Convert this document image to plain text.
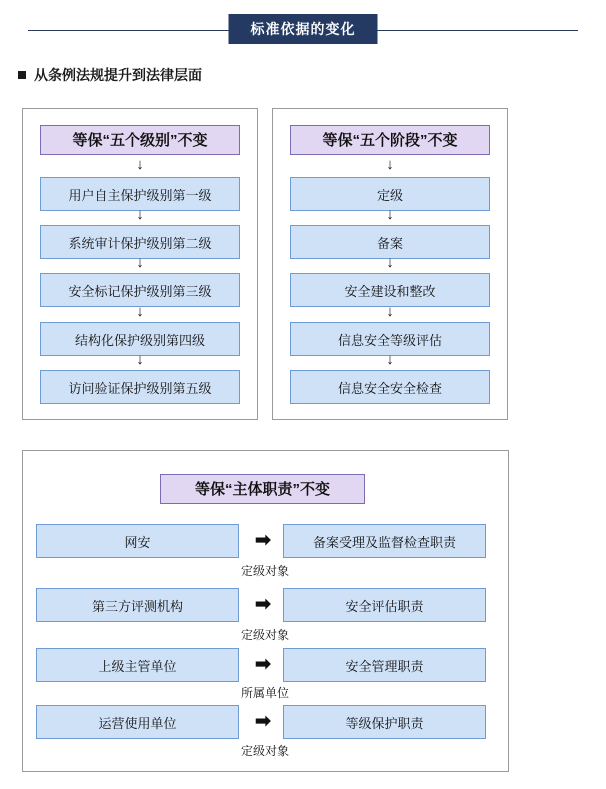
标准依据的变化
从条例法规提升到法律层面
等保“五个级别”不变
用户自主保护级别第一级
系统审计保护级别第二级
安全标记保护级别第三级
结构化保护级别第四级
访问验证保护级别第五级
↓
↓
↓
↓
↓
等保“五个阶段”不变
定级
备案
安全建设和整改
信息安全等级评估
信息安全安全检查
↓
↓
↓
↓
↓
等保“主体职责”不变
网安 ➡	备案受理及监督检查职责
定级对象
第三方评测机构 ➡	安全评估职责
定级对象
上级主管单位 ➡	安全管理职责
所属单位
运营使用单位 ➡	等级保护职责
定级对象
